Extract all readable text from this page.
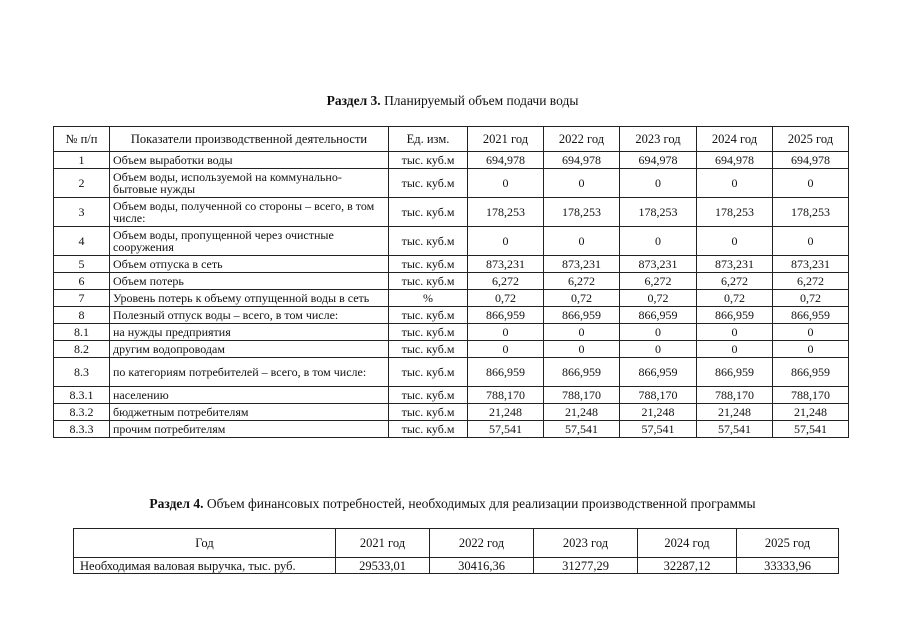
Раздел 3. Планируемый объем подачи воды
№ п/п	Показатели производственной деятельности	Ед. изм.	2021 год	2022 год	2023 год	2024 год	2025 год
1	Объем выработки воды	тыс. куб.м	694,978	694,978	694,978	694,978	694,978
2	Объем воды, используемой на коммунально-бытовые нужды	тыс. куб.м	0	0	0	0	0
3	Объем воды, полученной со стороны – всего, в том числе:	тыс. куб.м	178,253	178,253	178,253	178,253	178,253
4	Объем воды, пропущенной через очистные сооружения	тыс. куб.м	0	0	0	0	0
5	Объем отпуска в сеть	тыс. куб.м	873,231	873,231	873,231	873,231	873,231
6	Объем потерь	тыс. куб.м	6,272	6,272	6,272	6,272	6,272
7	Уровень потерь к объему отпущенной воды в сеть	%	0,72	0,72	0,72	0,72	0,72
8	Полезный отпуск воды – всего, в том числе:	тыс. куб.м	866,959	866,959	866,959	866,959	866,959
8.1	на нужды предприятия	тыс. куб.м	0	0	0	0	0
8.2	другим водопроводам	тыс. куб.м	0	0	0	0	0
8.3	по категориям потребителей – всего, в том числе:	тыс. куб.м	866,959	866,959	866,959	866,959	866,959
8.3.1	населению	тыс. куб.м	788,170	788,170	788,170	788,170	788,170
8.3.2	бюджетным потребителям	тыс. куб.м	21,248	21,248	21,248	21,248	21,248
8.3.3	прочим потребителям	тыс. куб.м	57,541	57,541	57,541	57,541	57,541
Раздел 4. Объем финансовых потребностей, необходимых для реализации производственной программы
Год	2021 год	2022 год	2023 год	2024 год	2025 год
Необходимая валовая выручка, тыс. руб.	29533,01	30416,36	31277,29	32287,12	33333,96
